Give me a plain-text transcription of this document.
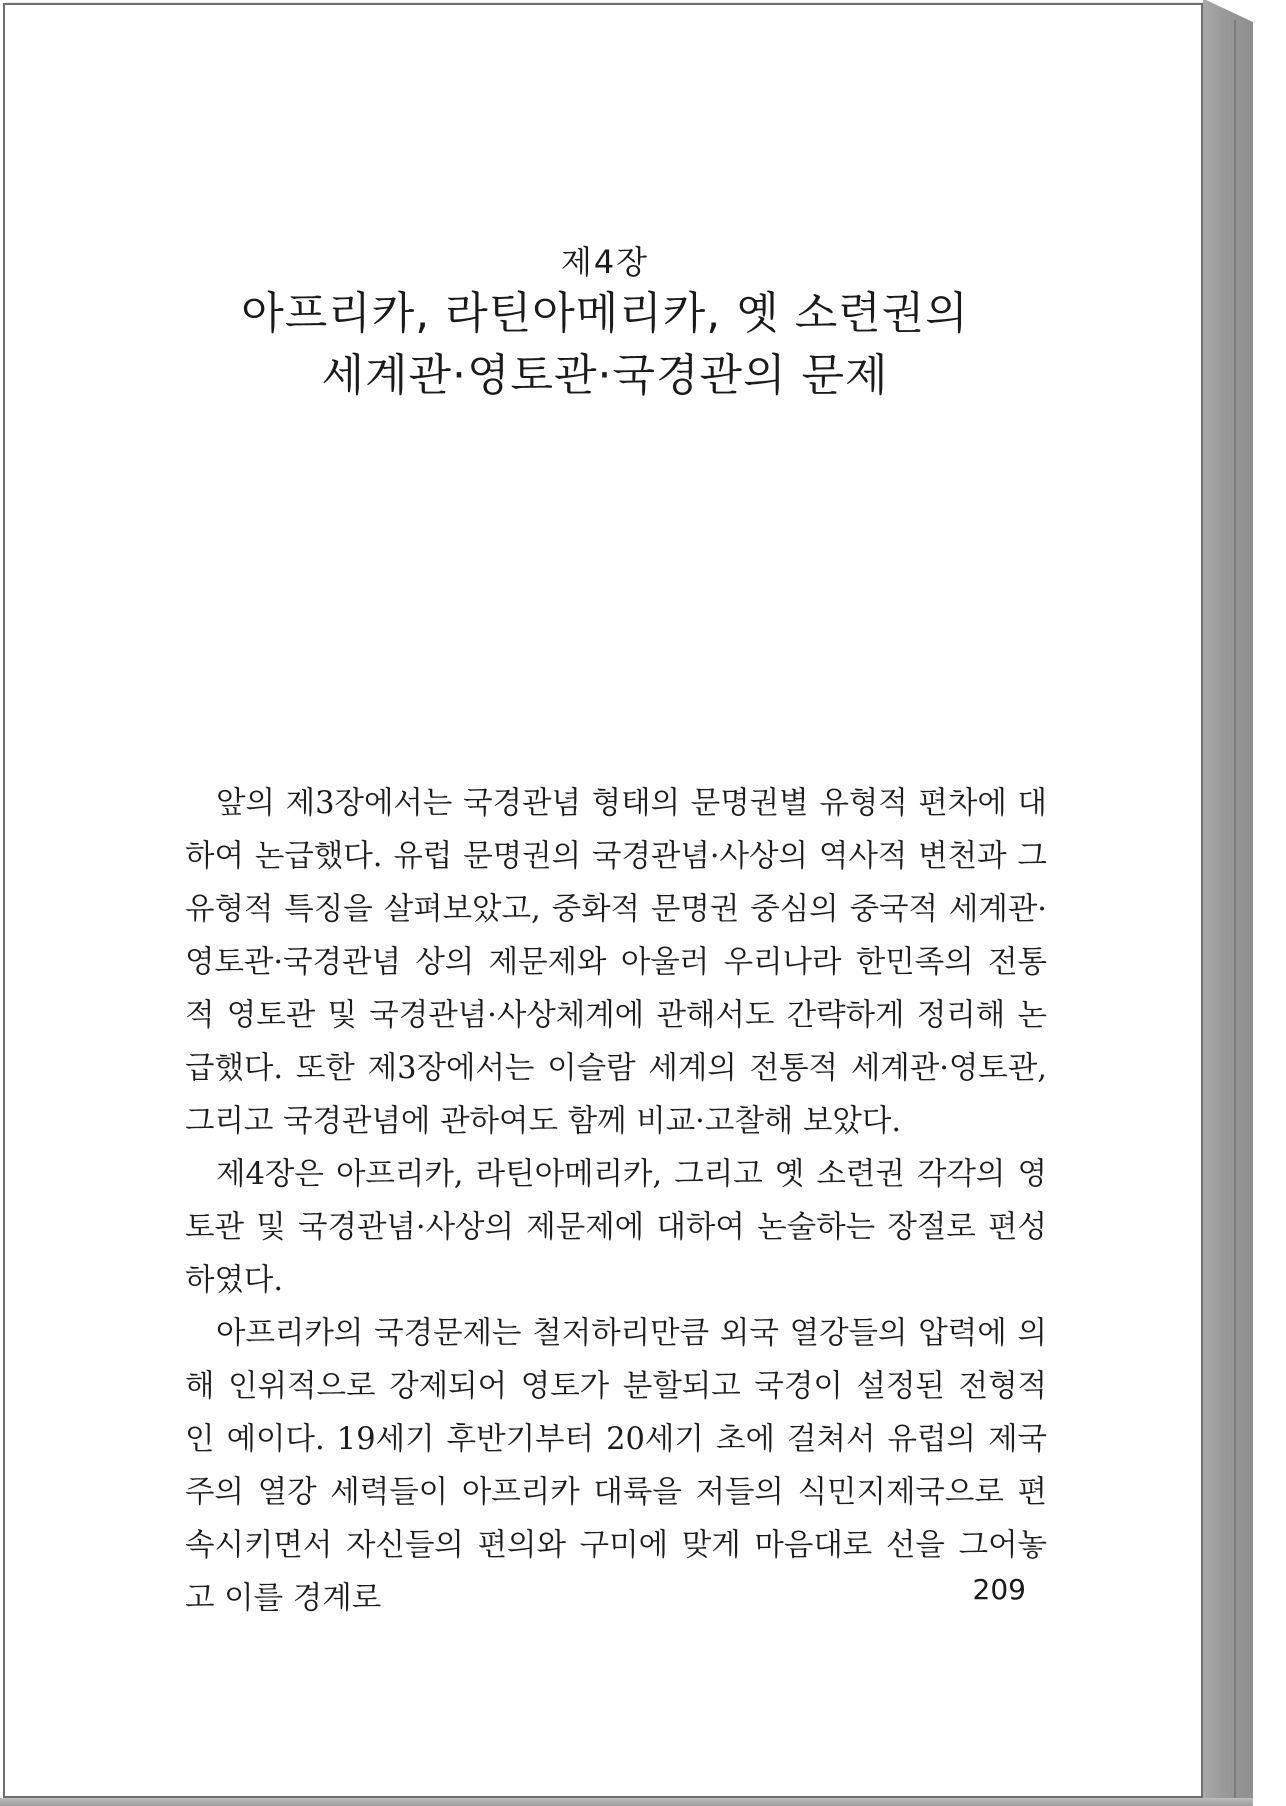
제4장
아프리카, 라틴아메리카, 옛 소련권의
세계관·영토관·국경관의 문제

앞의 제3장에서는 국경관념 형태의 문명권별 유형적 편차에 대하여 논급했다. 유럽 문명권의 국경관념·사상의 역사적 변천과 그 유형적 특징을 살펴보았고, 중화적 문명권 중심의 중국적 세계관·영토관·국경관념 상의 제문제와 아울러 우리나라 한민족의 전통적 영토관 및 국경관념·사상체계에 관해서도 간략하게 정리해 논급했다. 또한 제3장에서는 이슬람 세계의 전통적 세계관·영토관, 그리고 국경관념에 관하여도 함께 비교·고찰해 보았다.

제4장은 아프리카, 라틴아메리카, 그리고 옛 소련권 각각의 영토관 및 국경관념·사상의 제문제에 대하여 논술하는 장절로 편성하였다.

아프리카의 국경문제는 철저하리만큼 외국 열강들의 압력에 의해 인위적으로 강제되어 영토가 분할되고 국경이 설정된 전형적인 예이다. 19세기 후반기부터 20세기 초에 걸쳐서 유럽의 제국주의 열강 세력들이 아프리카 대륙을 저들의 식민지제국으로 편속시키면서 자신들의 편의와 구미에 맞게 마음대로 선을 그어놓고 이를 경계로	209
